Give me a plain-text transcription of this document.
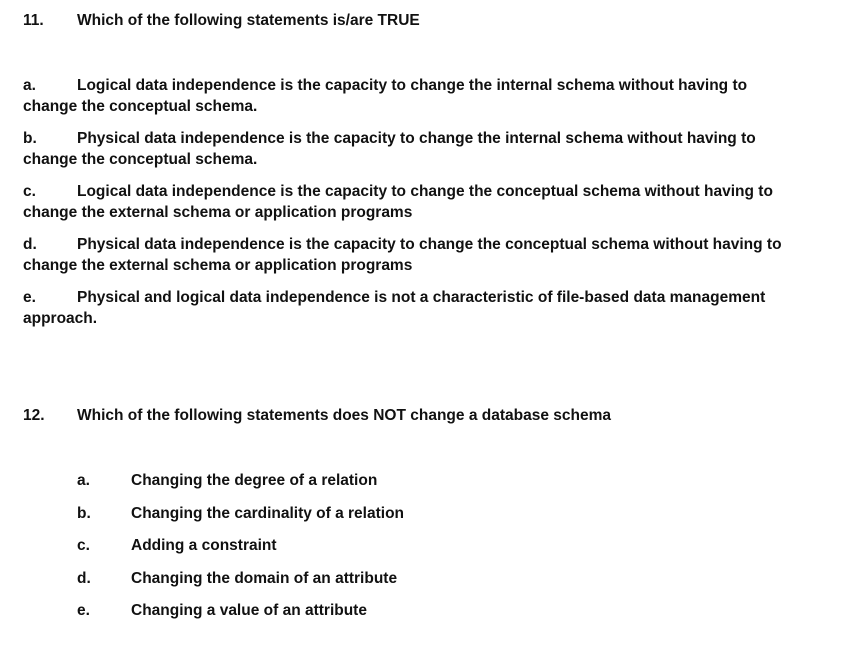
11. Which of the following statements is/are TRUE
a.	Logical data independence is the capacity to change the internal schema without having to
change the conceptual schema.
b.	Physical data independence is the capacity to change the internal schema without having to
change the conceptual schema.
c.	Logical data independence is the capacity to change the conceptual schema without having to
change the external schema or application programs
d.	Physical data independence is the capacity to change the conceptual schema without having to
change the external schema or application programs
e.	Physical and logical data independence is not a characteristic of file-based data management
approach.
12. Which of the following statements does NOT change a database schema
a.	Changing the degree of a relation
b.	Changing the cardinality of a relation
c.	Adding a constraint
d.	Changing the domain of an attribute
e.	Changing a value of an attribute
